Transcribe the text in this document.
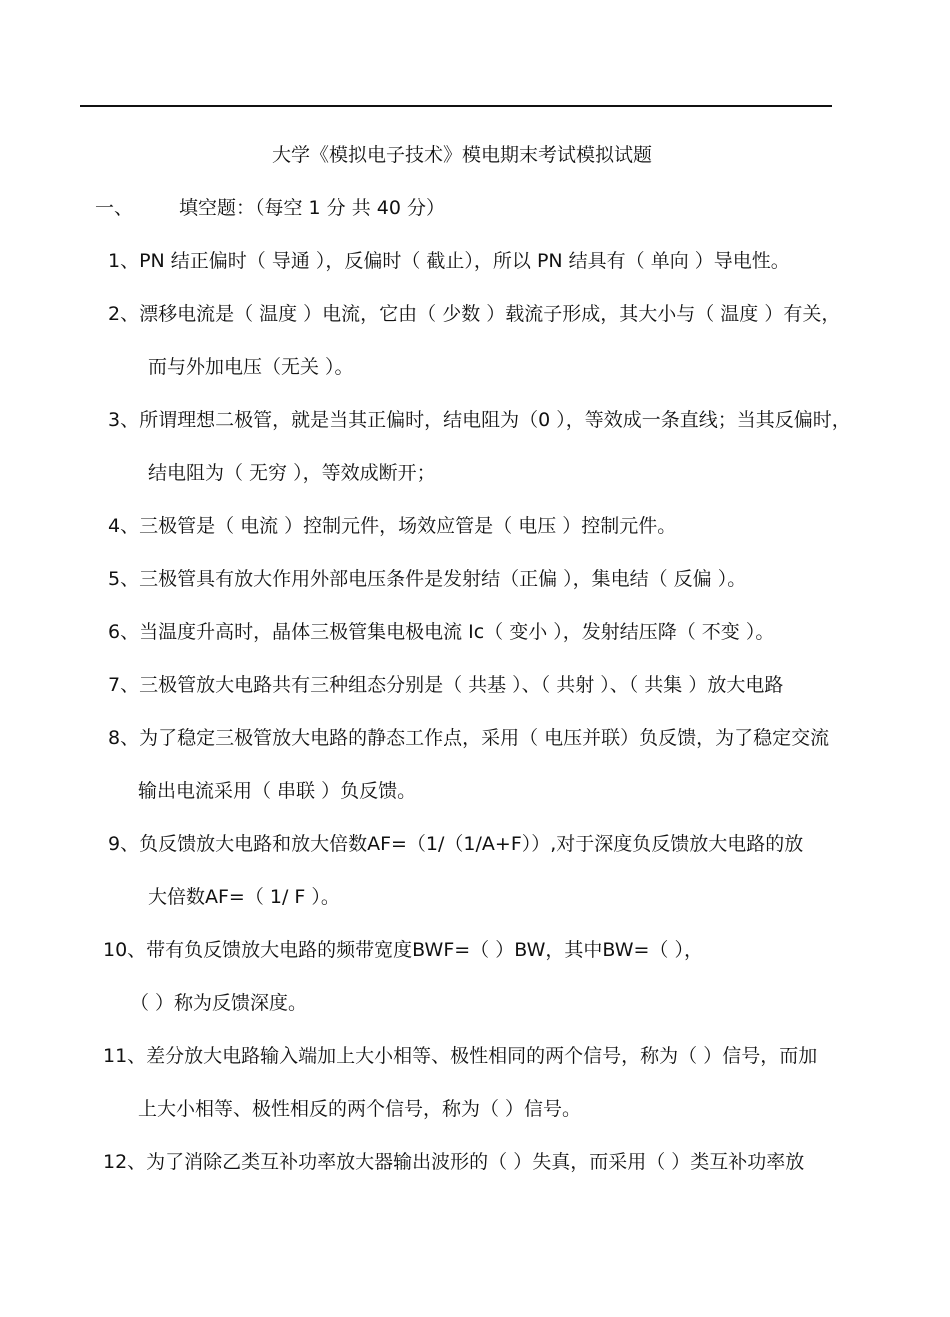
大学《模拟电子技术》模电期末考试模拟试题
一、 填空题：（每空 1 分 共 40 分）
1、PN 结正偏时（ 导通 ），反偏时（ 截止），所以 PN 结具有（ 单向 ）导电性。
2、漂移电流是（ 温度 ）电流，它由（ 少数 ）载流子形成，其大小与（ 温度 ）有关，
而与外加电压（无关 ）。
3、所谓理想二极管，就是当其正偏时，结电阻为（0 ），等效成一条直线；当其反偏时，
结电阻为（ 无穷 ），等效成断开；
4、三极管是（ 电流 ）控制元件，场效应管是（ 电压 ）控制元件。
5、三极管具有放大作用外部电压条件是发射结（正偏 ），集电结（ 反偏 ）。
6、当温度升高时，晶体三极管集电极电流 Ic（ 变小 ），发射结压降（ 不变 ）。
7、三极管放大电路共有三种组态分别是（ 共基 ）、（ 共射 ）、（ 共集 ）放大电路
8、为了稳定三极管放大电路的静态工作点，采用（ 电压并联）负反馈，为了稳定交流
输出电流采用（ 串联 ）负反馈。
9、负反馈放大电路和放大倍数AF=（1/（1/A+F））,对于深度负反馈放大电路的放
大倍数AF=（ 1/ F ）。
10、带有负反馈放大电路的频带宽度BWF=（ ）BW，其中BW=（ ），
（ ）称为反馈深度。
11、差分放大电路输入端加上大小相等、极性相同的两个信号，称为（ ）信号，而加
上大小相等、极性相反的两个信号，称为（ ）信号。
12、为了消除乙类互补功率放大器输出波形的（ ）失真，而采用（ ）类互补功率放
